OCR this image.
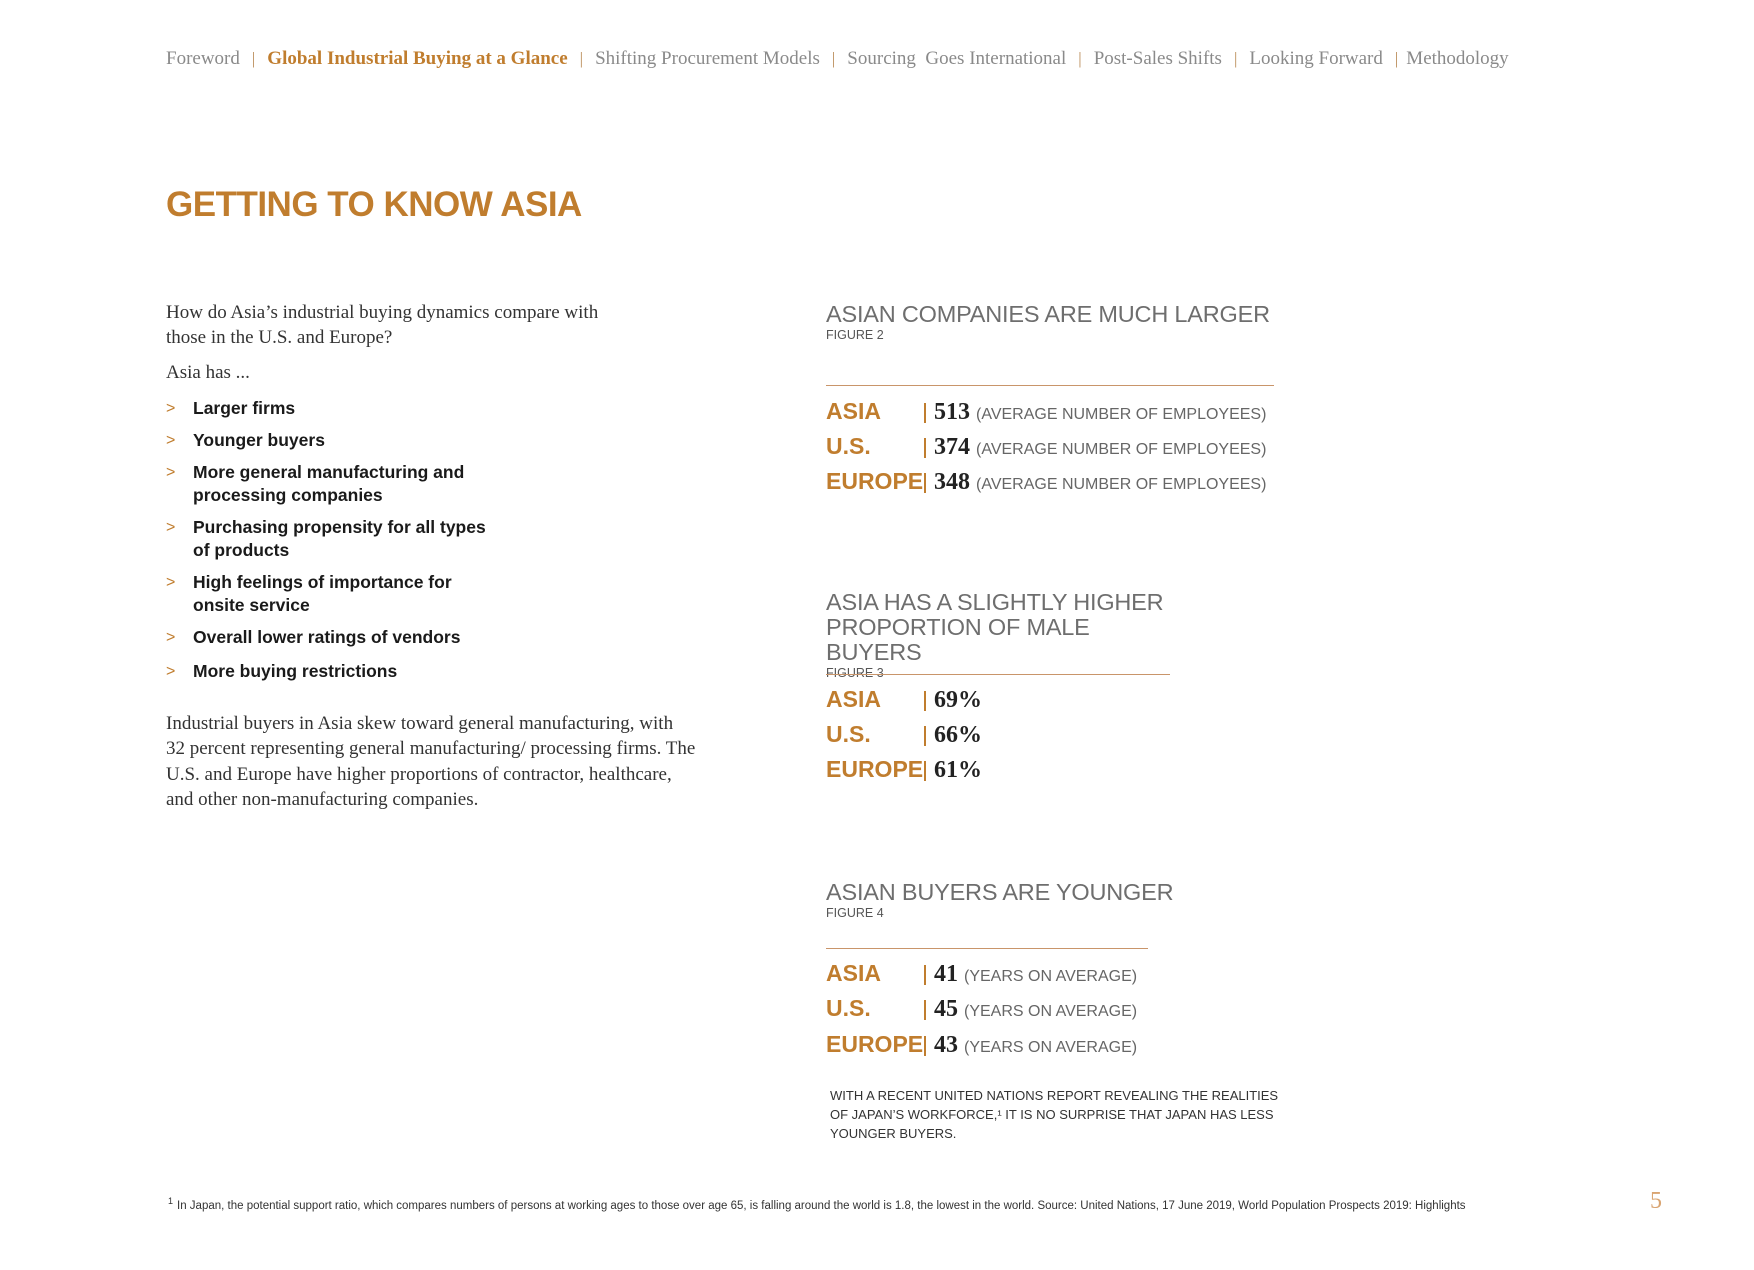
Foreword | Global Industrial Buying at a Glance | Shifting Procurement Models | Sourcing  Goes International | Post-Sales Shifts | Looking Forward | Methodology
GETTING TO KNOW ASIA

How do Asia’s industrial buying dynamics compare with those in the U.S. and Europe?

Asia has ...

> Larger firms
> Younger buyers
> More general manufacturing and processing companies
> Purchasing propensity for all types of products
> High feelings of importance for onsite service
> Overall lower ratings of vendors
> More buying restrictions

Industrial buyers in Asia skew toward general manufacturing, with 32 percent representing general manufacturing/ processing firms. The U.S. and Europe have higher proportions of contractor, healthcare, and other non-manufacturing companies.

ASIAN COMPANIES ARE MUCH LARGER
FIGURE 2
ASIA	513 (AVERAGE NUMBER OF EMPLOYEES)
U.S.	374 (AVERAGE NUMBER OF EMPLOYEES)
EUROPE 348 (AVERAGE NUMBER OF EMPLOYEES)
ASIA HAS A SLIGHTLY HIGHER
PROPORTION OF MALE BUYERS
FIGURE 3
ASIA	69%
U.S.	66%
EUROPE 61%
ASIAN BUYERS ARE YOUNGER
FIGURE 4
ASIA	41 (YEARS ON AVERAGE)
U.S.	45 (YEARS ON AVERAGE)
EUROPE 43 (YEARS ON AVERAGE)

WITH A RECENT UNITED NATIONS REPORT REVEALING THE REALITIES OF JAPAN’S WORKFORCE,¹ IT IS NO SURPRISE THAT JAPAN HAS LESS YOUNGER BUYERS.

$^1$ In Japan, the potential support ratio, which compares numbers of persons at working ages to those over age 65, is falling around the world is 1.8, the lowest in the world. Source: United Nations, 17 June 2019, World Population Prospects 2019: Highlights	5
